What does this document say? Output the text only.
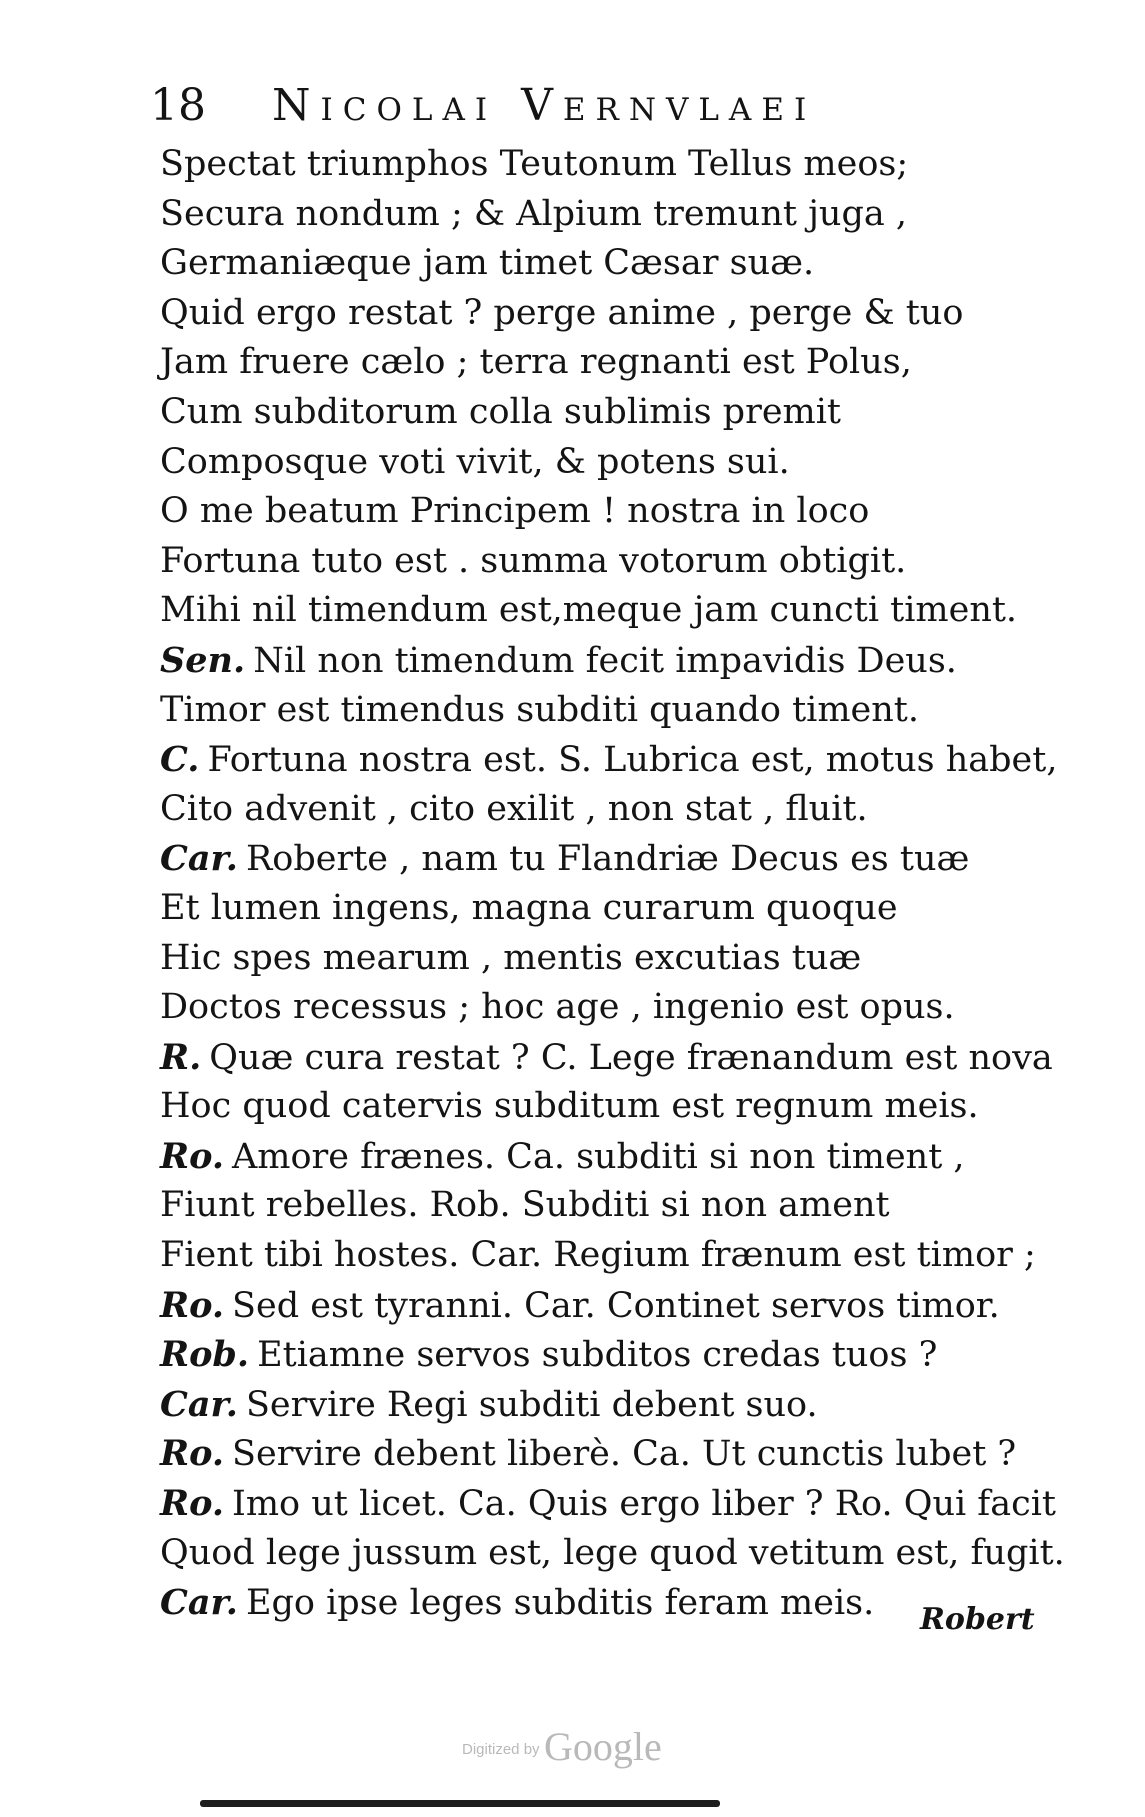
18 Nicolai Vernvlaei
Spectat triumphos Teutonum Tellus meos;
Secura nondum ; & Alpium tremunt juga ,
Germaniæque jam timet Cæsar suæ.
Quid ergo restat ? perge anime , perge & tuo
Jam fruere cælo ; terra regnanti est Polus,
Cum subditorum colla sublimis premit
Composque voti vivit, & potens sui.
O me beatum Principem ! nostra in loco
Fortuna tuto est . summa votorum obtigit.
Mihi nil timendum est,meque jam cuncti timent.
Sen. Nil non timendum fecit impavidis Deus.
Timor est timendus subditi quando timent.
C. Fortuna nostra est. S. Lubrica est, motus habet,
Cito advenit , cito exilit , non stat , fluit.
Car. Roberte , nam tu Flandriæ Decus es tuæ
Et lumen ingens, magna curarum quoque
Hic spes mearum , mentis excutias tuæ
Doctos recessus ; hoc age , ingenio est opus.
R. Quæ cura restat ? C. Lege frænandum est nova
Hoc quod catervis subditum est regnum meis.
Ro. Amore frænes. Ca. subditi si non timent ,
Fiunt rebelles. Rob. Subditi si non ament
Fient tibi hostes. Car. Regium frænum est timor ;
Ro. Sed est tyranni. Car. Continet servos timor.
Rob. Etiamne servos subditos credas tuos ?
Car. Servire Regi subditi debent suo.
Ro. Servire debent liberè. Ca. Ut cunctis lubet ?
Ro. Imo ut licet. Ca. Quis ergo liber ? Ro. Qui facit
Quod lege jussum est, lege quod vetitum est, fugit.
Car. Ego ipse leges subditis feram meis.	Robert
Digitized by Google
